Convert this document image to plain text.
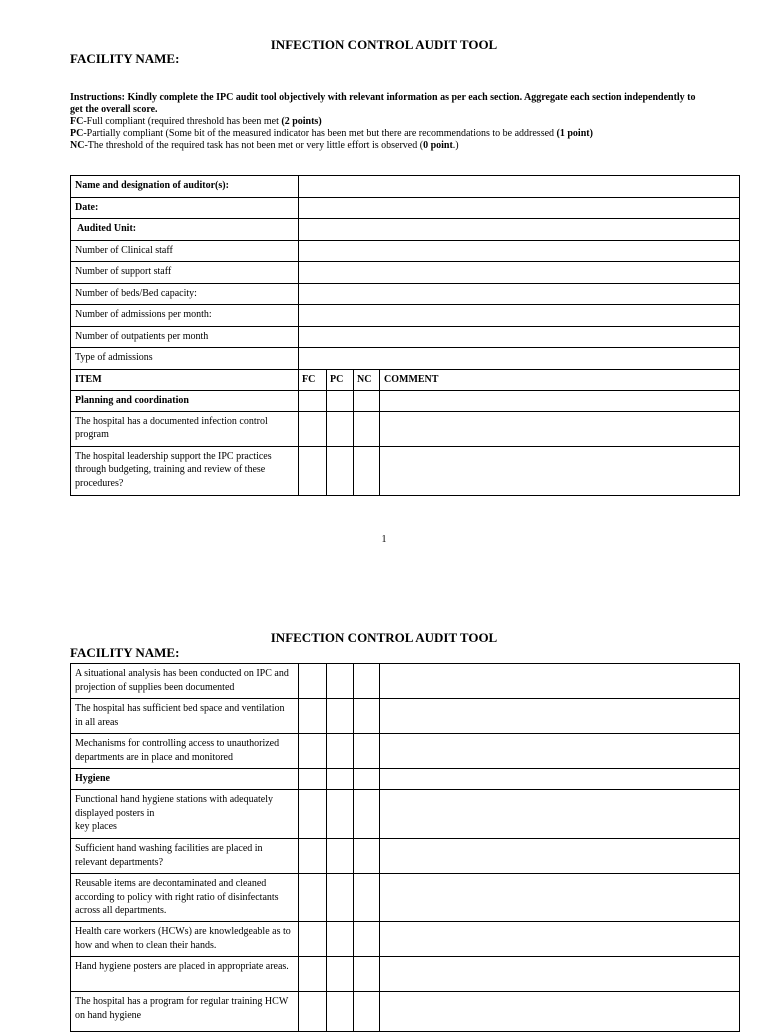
INFECTION CONTROL AUDIT TOOL
FACILITY NAME:

Instructions: Kindly complete the IPC audit tool objectively with relevant information as per each section. Aggregate each section independently to get the overall score.

FC-Full compliant (required threshold has been met (2 points)

PC-Partially compliant (Some bit of the measured indicator has been met but there are recommendations to be addressed (1 point)

NC-The threshold of the required task has not been met or very little effort is observed (0 point.)

Name and designation of auditor(s):				
Date:				
Audited Unit:				
Number of Clinical staff				
Number of support staff				
Number of beds/Bed capacity:				
Number of admissions per month:				
Number of outpatients per month				
Type of admissions				
ITEM	FC	PC	NC	COMMENT
Planning and coordination				
The hospital has a documented infection control program				
The hospital leadership support the IPC practices through budgeting, training and review of these procedures?				
1
INFECTION CONTROL AUDIT TOOL
FACILITY NAME:
A situational analysis has been conducted on IPC and projection of supplies been documented				
The hospital has sufficient bed space and ventilation in all areas				
Mechanisms for controlling access to unauthorized departments are in place and monitored				
Hygiene				
Functional hand hygiene stations with adequately displayed posters in
key places				
Sufficient hand washing facilities are placed in relevant departments?				
Reusable items are decontaminated and cleaned according to policy with right ratio of disinfectants across all departments.				
Health care workers (HCWs) are knowledgeable as to how and when to clean their hands.				
Hand hygiene posters are placed in appropriate areas.				
The hospital has a program for regular training HCW on hand hygiene				
